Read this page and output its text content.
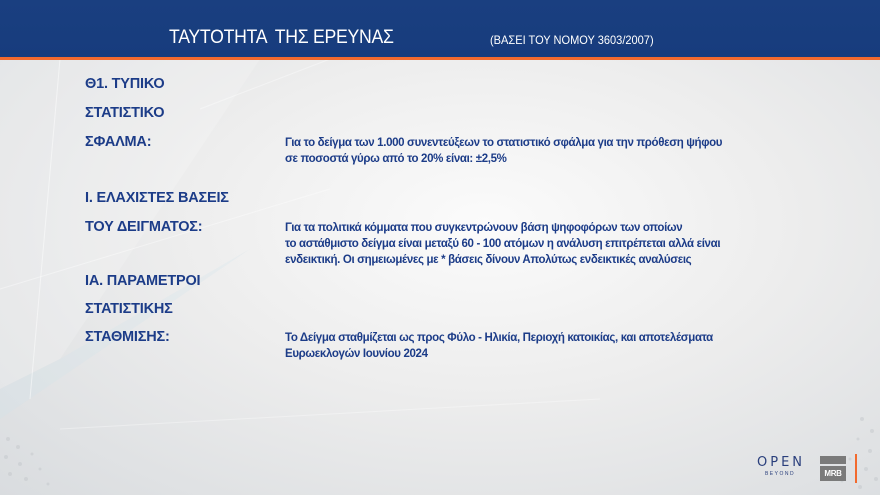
ΤΑΥΤΟΤΗΤΑ ΤΗΣ ΕΡΕΥΝΑΣ	(ΒΑΣΕΙ ΤΟΥ ΝΟΜΟΥ 3603/2007)
Θ1. ΤΥΠΙΚΟ
ΣΤΑΤΙΣΤΙΚΟ
ΣΦΑΛΜΑ:	Για το δείγμα των 1.000 συνεντεύξεων το στατιστικό σφάλμα για την πρόθεση ψήφου
σε ποσοστά γύρω από το 20% είναι: ±2,5%
Ι. ΕΛΑΧΙΣΤΕΣ ΒΑΣΕΙΣ
ΤΟΥ ΔΕΙΓΜΑΤΟΣ:	Για τα πολιτικά κόμματα που συγκεντρώνουν βάση ψηφοφόρων των οποίων
το αστάθμιστο δείγμα είναι μεταξύ 60 - 100 ατόμων η ανάλυση επιτρέπεται αλλά είναι
ενδεικτική. Οι σημειωμένες με * βάσεις δίνουν Απολύτως ενδεικτικές αναλύσεις
ΙΑ. ΠΑΡΑΜΕΤΡΟΙ
ΣΤΑΤΙΣΤΙΚΗΣ
ΣΤΑΘΜΙΣΗΣ:	Το Δείγμα σταθμίζεται ως προς Φύλο - Ηλικία, Περιοχή κατοικίας, και αποτελέσματα
Ευρωεκλογών Ιουνίου 2024
OPEN
BEYOND	MRB
